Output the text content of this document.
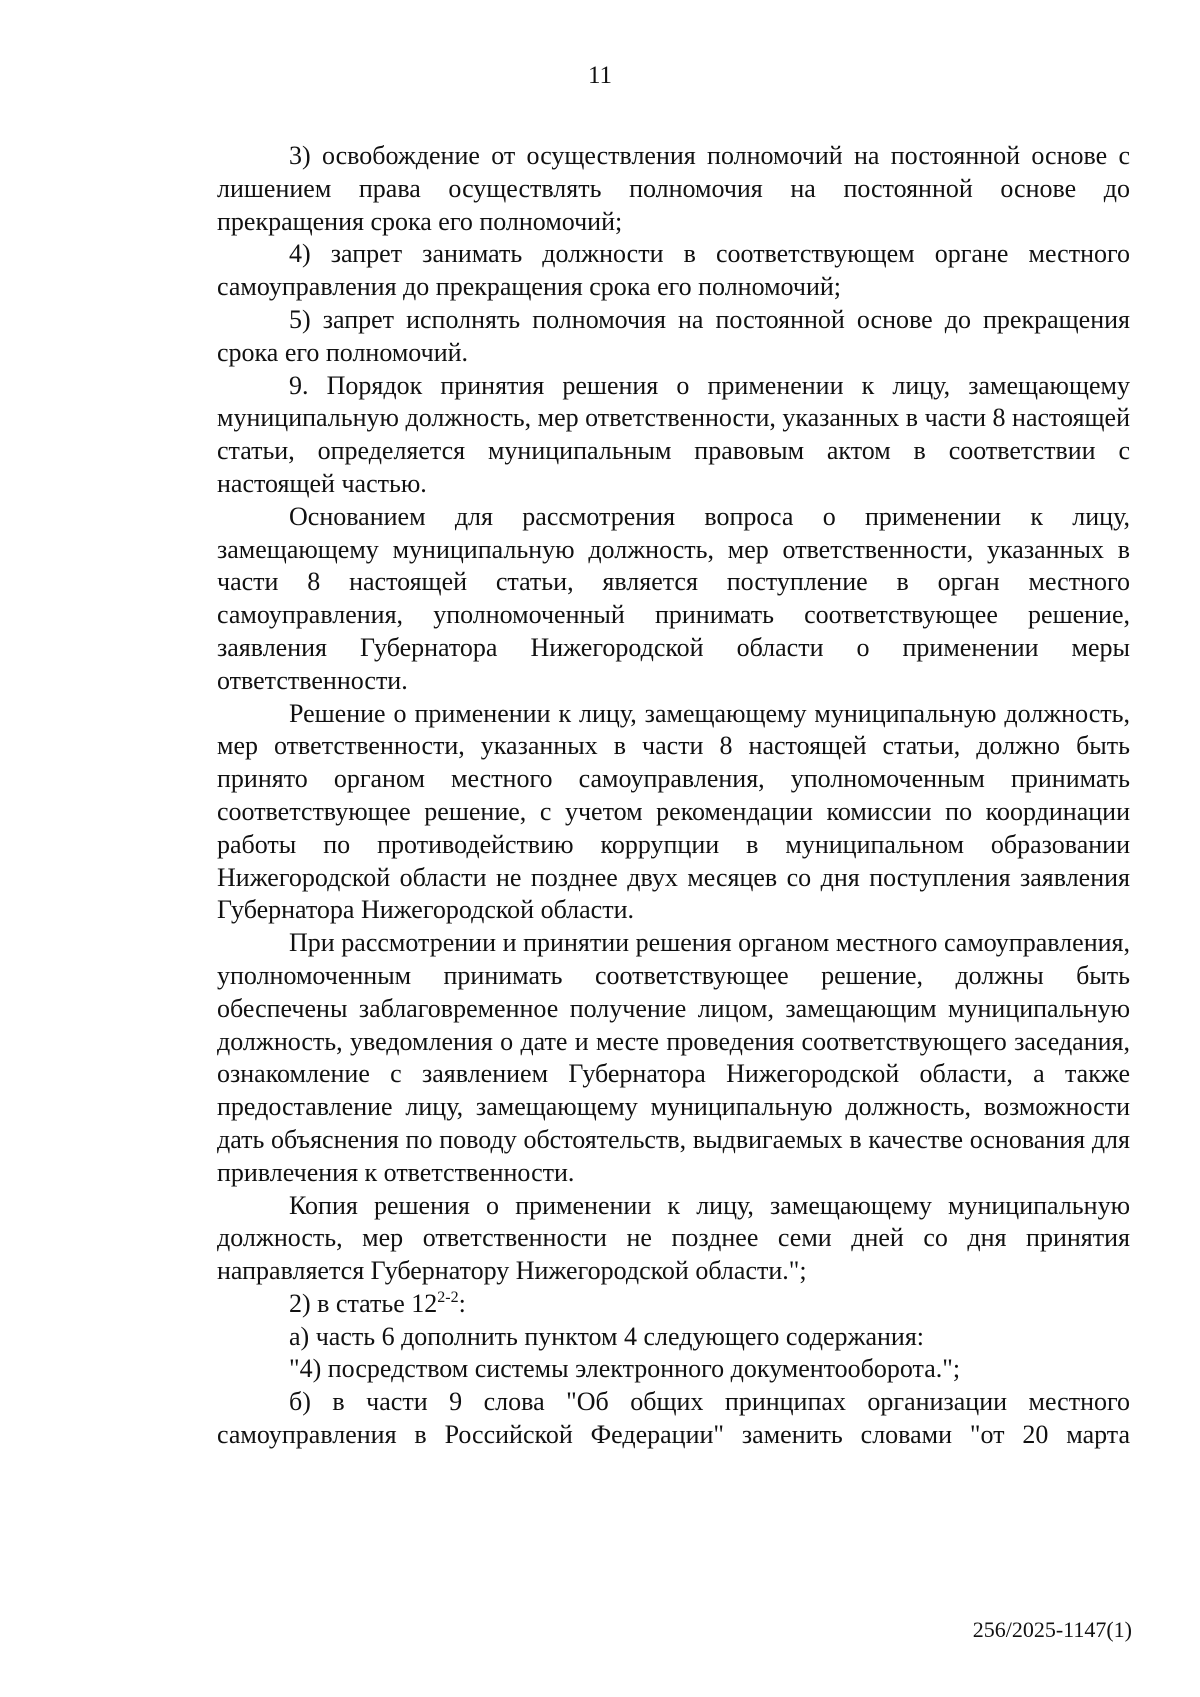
11

3) освобождение от осуществления полномочий на постоянной основе с лишением права осуществлять полномочия на постоянной основе до прекращения срока его полномочий;

4) запрет занимать должности в соответствующем органе местного самоуправления до прекращения срока его полномочий;

5) запрет исполнять полномочия на постоянной основе до прекращения срока его полномочий.

9. Порядок принятия решения о применении к лицу, замещающему муниципальную должность, мер ответственности, указанных в части 8 настоящей статьи, определяется муниципальным правовым актом в соответствии с настоящей частью.

Основанием для рассмотрения вопроса о применении к лицу, замещающему муниципальную должность, мер ответственности, указанных в части 8 настоящей статьи, является поступление в орган местного самоуправления, уполномоченный принимать соответствующее решение, заявления Губернатора Нижегородской области о применении меры ответственности.

Решение о применении к лицу, замещающему муниципальную должность, мер ответственности, указанных в части 8 настоящей статьи, должно быть принято органом местного самоуправления, уполномоченным принимать соответствующее решение, с учетом рекомендации комиссии по координации работы по противодействию коррупции в муниципальном образовании Нижегородской области не позднее двух месяцев со дня поступления заявления Губернатора Нижегородской области.

При рассмотрении и принятии решения органом местного самоуправления, уполномоченным принимать соответствующее решение, должны быть обеспечены заблаговременное получение лицом, замещающим муниципальную должность, уведомления о дате и месте проведения соответствующего заседания, ознакомление с заявлением Губернатора Нижегородской области, а также предоставление лицу, замещающему муниципальную должность, возможности дать объяснения по поводу обстоятельств, выдвигаемых в качестве основания для привлечения к ответственности.

Копия решения о применении к лицу, замещающему муниципальную должность, мер ответственности не позднее семи дней со дня принятия направляется Губернатору Нижегородской области.";

2) в статье 12$^{2-2}$:

а) часть 6 дополнить пунктом 4 следующего содержания:

"4) посредством системы электронного документооборота.";

б) в части 9 слова "Об общих принципах организации местного самоуправления в Российской Федерации" заменить словами "от 20 марта

256/2025-1147(1)
